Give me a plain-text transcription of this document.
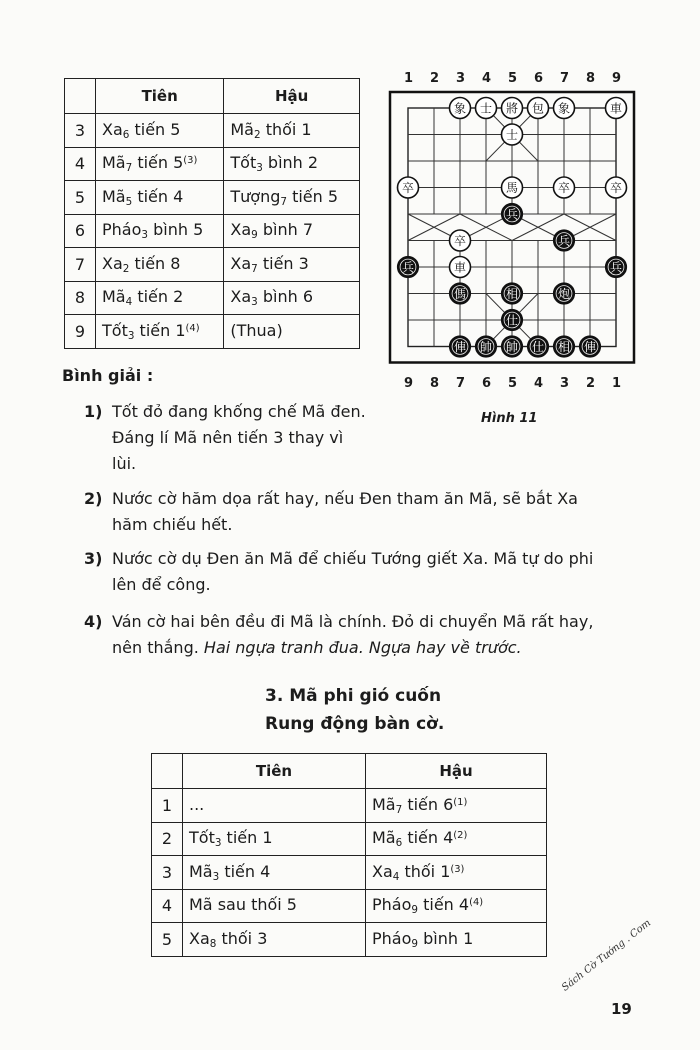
	Tiên	Hậu
3	$Xa_6$ tiến 5	$Mã_2$ thối 1
4	$Mã_7$ tiến 5$^{(3)}$	Tốt$_3$ bình 2
5	$Mã_5$ tiến 4	Tượng$_7$ tiến 5
6	Pháo$_3$ bình 5	$Xa_9$ bình 7
7	$Xa_2$ tiến 8	$Xa_7$ tiến 3
8	$Mã_4$ tiến 2	$Xa_3$ bình 6
9	Tốt$_3$ tiến 1$^{(4)}$	(Thua)
1 2 3 4 5 6 7 8 9
象 士 將 包 象	車
士
卒	馬	卒	卒
卒
車
兵
兵
兵	兵
傌	相	炮
仕
俥 帥 帥 仕 相 俥
9 8 7 6 5 4 3 2 1
Hình 11
Bình giải :
1) Tốt đỏ đang khống chế Mã đen.
Đáng lí Mã nên tiến 3 thay vì
lùi.
2) Nước cờ hăm dọa rất hay, nếu Đen tham ăn Mã, sẽ bắt Xa
hăm chiếu hết.
3) Nước cờ dụ Đen ăn Mã để chiếu Tướng giết Xa. Mã tự do phi
lên để công.
4) Ván cờ hai bên đều đi Mã là chính. Đỏ di chuyển Mã rất hay,
nên thắng. Hai ngựa tranh đua. Ngựa hay về trước.
3. Mã phi gió cuốn
Rung động bàn cờ.
	Tiên	Hậu
1	...	$Mã_7$ tiến 6$^{(1)}$
2	Tốt$_3$ tiến 1	$Mã_6$ tiến 4$^{(2)}$
3	$Mã_3$ tiến 4	$Xa_4$ thối 1$^{(3)}$
4	Mã sau thối 5	Pháo$_9$ tiến 4$^{(4)}$
5	$Xa_8$ thối 3	Pháo$_9$ bình 1	Sách Cờ Tướng . Com
19
